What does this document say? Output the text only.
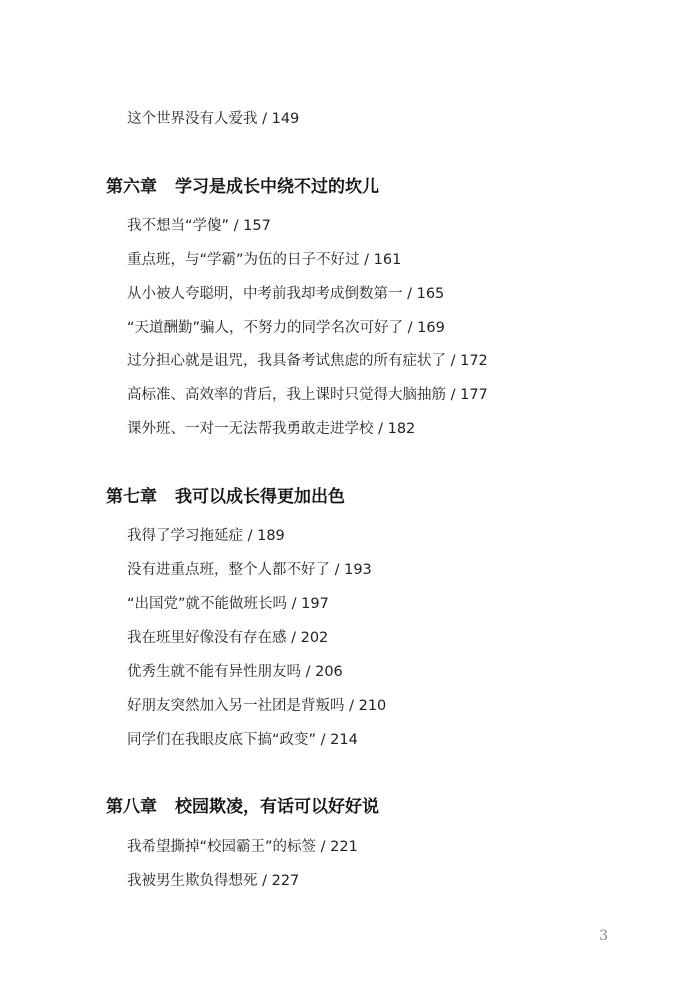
这个世界没有人爱我 / 149
第六章 学习是成长中绕不过的坎儿
我不想当“学傻” / 157
重点班，与“学霸”为伍的日子不好过 / 161
从小被人夸聪明，中考前我却考成倒数第一 / 165
“天道酬勤”骗人，不努力的同学名次可好了 / 169
过分担心就是诅咒，我具备考试焦虑的所有症状了 / 172
高标准、高效率的背后，我上课时只觉得大脑抽筋 / 177
课外班、一对一无法帮我勇敢走进学校 / 182
第七章 我可以成长得更加出色
我得了学习拖延症 / 189
没有进重点班，整个人都不好了 / 193
“出国党”就不能做班长吗 / 197
我在班里好像没有存在感 / 202
优秀生就不能有异性朋友吗 / 206
好朋友突然加入另一社团是背叛吗 / 210
同学们在我眼皮底下搞“政变” / 214
第八章 校园欺凌，有话可以好好说
我希望撕掉“校园霸王”的标签 / 221
我被男生欺负得想死 / 227
3
